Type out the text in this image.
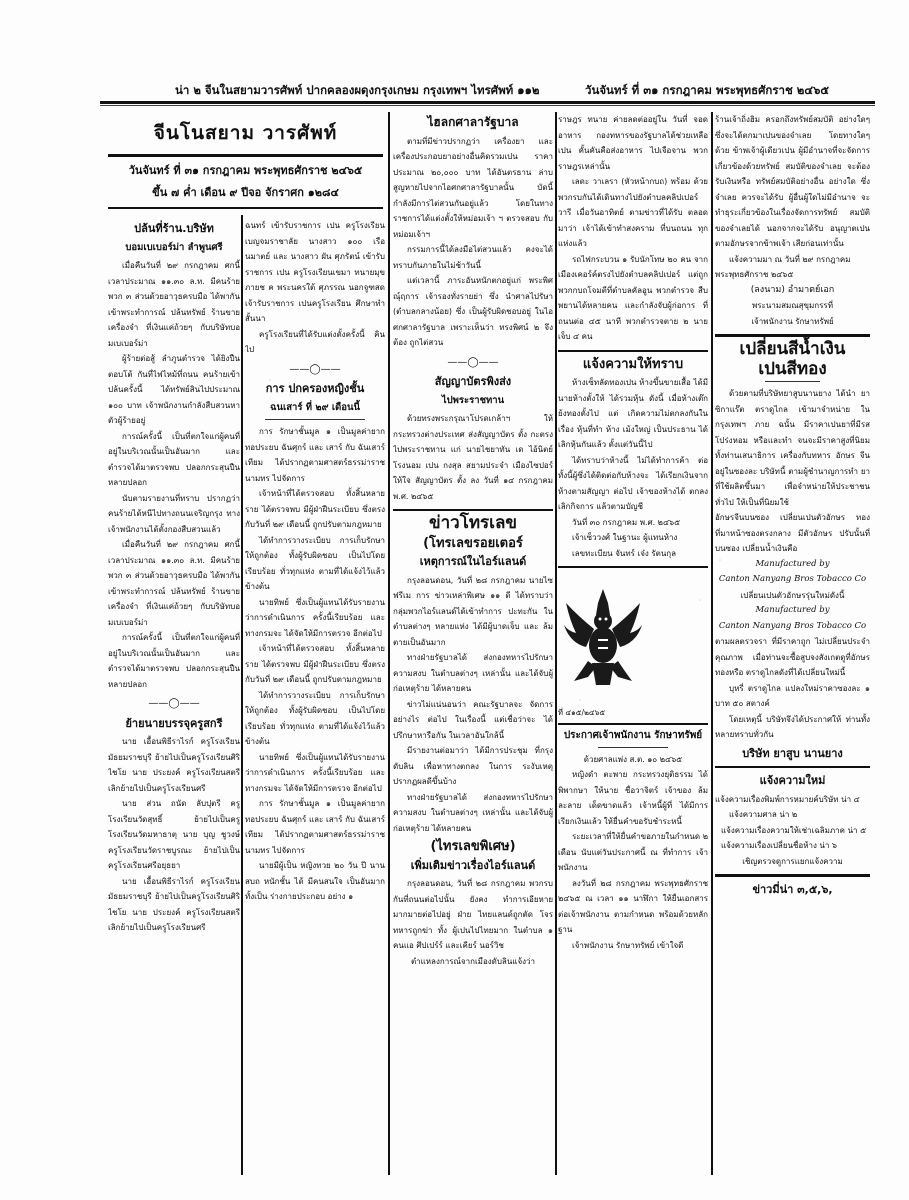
น่า ๒ จีนในสยามวารศัพท์ ปากคลองผดุงกรุงเกษม กรุงเทพฯ ไทรศัพท์ ๑๑๒	วันจันทร์ ที่ ๓๑ กรกฎาคม พระพุทธศักราช ๒๔๖๕
จีนโนสยาม วารศัพท์
วันจันทร์ ที่ ๓๑ กรกฎาคม พระพุทธศักราช ๒๔๖๕
ขึ้น ๗ ค่ำ เดือน ๙ ปีจอ จักราศก ๑๒๘๔
ปล้นที่ร้าน.บริษัท
บอมเบเบอร์ม่า ลำพูนศรี

เมื่อคืนวันที่ ๒๙ กรกฎาคม ศกนี้ เวลาประมาณ ๑๑.๓๐ ล.ท. มีคนร้ายพวก ๓ ส่วนด้วยอาวุธครบมือ ได้พากันเข้าพระทำการณ์ ปล้นทรัพย์ ร้านขายเครื่องจำ ที่เงินแค่ถ้วยๆ กับบริษัทบอมเบเบอร์ม่า

ผู้ร้ายต่อสู้ ลำภูนตำรวจ ได้ยิงปืนตอบโต้ กันที่ไฟไหม้ที่ถนน คนร้ายเข้าปล้นครั้งนี้ ได้ทรัพย์สินไปประมาณ ๑๐๐ บาท เจ้าพนักงานกำลังสืบสวนหาตัวผู้ร้ายอยู่

การณ์ครั้งนี้ เป็นที่ตกใจแก่ผู้คนที่อยู่ในบริเวณนั้นเป็นอันมาก และ ตำรวจได้มาตรวจพบ ปลอกกระสุนปืนหลายปลอก

นับตามรายงานที่ทราบ ปรากฏว่า คนร้ายได้หนีไปทางถนนเจริญกรุง ทางเจ้าพนักงานได้ตั้งกองสืบสวนแล้ว

เมื่อคืนวันที่ ๒๙ กรกฎาคม ศกนี้ เวลาประมาณ ๑๑.๓๐ ล.ท. มีคนร้ายพวก ๓ ส่วนด้วยอาวุธครบมือ ได้พากันเข้าพระทำการณ์ ปล้นทรัพย์ ร้านขายเครื่องจำ ที่เงินแค่ถ้วยๆ กับบริษัทบอมเบเบอร์ม่า

การณ์ครั้งนี้ เป็นที่ตกใจแก่ผู้คนที่อยู่ในบริเวณนั้นเป็นอันมาก และ ตำรวจได้มาตรวจพบ ปลอกกระสุนปืนหลายปลอก

——◯——
ย้ายนายบรรจุครูสกรี

นาย เอื้อนพิธีราไรก์ ครูโรงเรียนมัธยมราชบุรี ย้ายไปเป็นครูโรงเรียนศิริ ไชโย นาย ประยงค์ ครูโรงเรียนสตรี เลิกย้ายไปเป็นครูโรงเรียนศรี

นาย ส่วน ถนัด ลับปุตรี ครูโรงเรียนวัดสุทธิ์ ย้ายไปเป็นครูโรงเรียนวัดมหาธาตุ นาย บุญ ชูวงษ์ ครูโรงเรียนวัดราชบูรณะ ย้ายไปเป็นครูโรงเรียนศรีอยุธยา

นาย เอื้อนพิธีราไรก์ ครูโรงเรียนมัธยมราชบุรี ย้ายไปเป็นครูโรงเรียนศิริ ไชโย นาย ประยงค์ ครูโรงเรียนสตรี เลิกย้ายไปเป็นครูโรงเรียนศรี

ฉนทร์ เข้ารับราชการ เปน ครูโรงเรียน เบญจมราชาลัย นางสาว ๑๐๐ เรือนมาตย์ และ นางสาว ผัน ศุภรัตน์ เข้ารับราชการ เปน ครูโรงเรียนเขมา ทนายมุข ภายช ค พระนครใต้ ศุภรรณ นอกจูฑสด เจ้ารับราชการ เปนครูโรงเรียน ศึกษาทำสั้นนา

ครูโรงเรียนที่ได้รับแต่งตั้งครั้งนี้ คินไป

——◯——
การ ปกครองหญิงชั้น
ฉนเสาร์ ที่ ๒๙ เดือนนี้

การ รักษาชั้นมูล ๑ เป็นมูลค่ายาก ทอประยบ ฉันศุกร์ และ เสาร์ กับ ฉันเสาร์ เทียม ได้ปรากฏตามศาสตร์ธรรม่าราชนามทร ไปจัดการ

เจ้าหน้าที่ได้ตรวจสอบ ทั้งสิ้นหลายราย ได้ตรวจพบ มีผู้ฝ่าฝืนระเบียบ ซึ่งตรงกับวันที่ ๒๙ เดือนนี้ ถูกปรับตามกฎหมาย

ได้ทำการวางระเบียบ การเก็บรักษา ให้ถูกต้อง ทั้งผู้รับผิดชอบ เป็นไปโดยเรียบร้อย ทั่วทุกแห่ง ตามที่ได้แจ้งไว้แล้วข้างต้น

นายทิพย์ ซึ่งเป็นผู้แทนได้รับรายงาน ว่าการดำเนินการ ครั้งนี้เรียบร้อย และ ทางกรมจะ ได้จัดให้มีการตรวจ อีกต่อไป

เจ้าหน้าที่ได้ตรวจสอบ ทั้งสิ้นหลายราย ได้ตรวจพบ มีผู้ฝ่าฝืนระเบียบ ซึ่งตรงกับวันที่ ๒๙ เดือนนี้ ถูกปรับตามกฎหมาย

ได้ทำการวางระเบียบ การเก็บรักษา ให้ถูกต้อง ทั้งผู้รับผิดชอบ เป็นไปโดยเรียบร้อย ทั่วทุกแห่ง ตามที่ได้แจ้งไว้แล้วข้างต้น

นายทิพย์ ซึ่งเป็นผู้แทนได้รับรายงาน ว่าการดำเนินการ ครั้งนี้เรียบร้อย และ ทางกรมจะ ได้จัดให้มีการตรวจ อีกต่อไป

การ รักษาชั้นมูล ๑ เป็นมูลค่ายาก ทอประยบ ฉันศุกร์ และ เสาร์ กับ ฉันเสาร์ เทียม ได้ปรากฏตามศาสตร์ธรรม่าราชนามทร ไปจัดการ

นายมีผู้เป็น หญิงทวย ๒๐ วัน ปี นาน สบถ หนักชั้น ได้ มีคนสนใจ เป็นอันมาก ทั้งเป็น ร่างกายประกอบ อย่าง ๑

ไฮลกศาลารัฐบาล

ตามที่มีข่าวปรากฏว่า เครื่องยา และ เครื่องประกอบยาอย่างอื่นคิดรวมเปน ราคาประมาณ ๒๐,๐๐๐ บาท ได้อันตรธาน ล่าบสูญหายไปจากไอศกศาลารัฐบาลนั้น บัดนี้ กำลังมีการไต่สวนกันอยู่แล้ว โดยในทางราชการได้แต่งตั้งให้หม่อมเจ้า ฯ ตรวจสอบ กับ หม่อมเจ้าฯ

กรรมการนี้ได้ลงมือไต่สวนแล้ว คงจะได้ทราบกันภายในไม่ช้าวันนี้

แต่เวลานี้ ภาระอันหนักตกอยู่แก่ พระพิศณุ์ฤการ เจ้ารองทั่งรายย่า ซึ่ง นำศาลไปรัษา (ตำบลกลางน้อย) ซึ่ง เป็นผู้รับผิดชอบอยู่ ในไอศกศาลารัฐบาล เพราะเห็นว่า ทรงพิศน์ ๒ จึงต้อง ถูกไต่สวน

——◯——
สัญญาบัตรพิงส่ง
ไปพระราชทาน

ด้วยทรงพระกรุณาโปรดเกล้าฯ ให้ กระทรวงต่างประเทศ ส่งสัญญาบัตร ตั้ง กะตรงไปพระราชทาน แก่ นายไชยาทัน เด ไอ้นิตย์โรงนอม เปน กงสุล สยามประจำ เมืองไซปอร์ ให้ใจ สัญญาบัตร ตั้ง ลง วันที่ ๑๔ กรกฎาคม พ.ศ. ๒๔๖๕

ข่าวโทรเลข
(โทรเลขรอยเตอร์
เหตุการณ์ในไอร์แลนด์

กรุงลอนดอน, วันที่ ๒๘ กรกฎาคม นายไซฟรีเม การ ข่าวเหล่าพิเศษ ๑๑ ดี ได้ทราบว่า กลุ่มพวกไอร์แลนด์ได้เข้าทำการ ปะทะกัน ในตำบลต่างๆ หลายแห่ง ได้มีผู้บาดเจ็บ และ ล้มตายเป็นอันมาก

ทางฝ่ายรัฐบาลได้ ส่งกองทหารไปรักษาความสงบ ในตำบลต่างๆ เหล่านั้น และได้จับผู้ก่อเหตุร้าย ได้หลายคน

ข่าวไม่แน่นอนว่า คณะรัฐบาลจะ จัดการอย่างไร ต่อไป ในเรื่องนี้ แต่เชื่อว่าจะ ได้ปรึกษาหารือกัน ในเวลาอันใกล้นี้

มีรายงานต่อมาว่า ได้มีการประชุม ที่กรุงดับลิน เพื่อหาทางตกลง ในการ ระงับเหตุ ปรากฏผลดีขึ้นบ้าง

ทางฝ่ายรัฐบาลได้ ส่งกองทหารไปรักษาความสงบ ในตำบลต่างๆ เหล่านั้น และได้จับผู้ก่อเหตุร้าย ได้หลายคน

(ไทรเลขพิเศษ)
เพิ่มเติมข่าวเรื่องไอร์แลนด์

กรุงลอนดอน, วันที่ ๒๘ กรกฎาคม พวกรบกันที่ถนนต่อไปนั้น ยังคง ทำการเอียหายมากมายต่อไปอยู่ ฝ่าย ไทยแลนด์ถูกตัด โจรทหารถูกฆ่า ทั้ง ผู้เปนไปไทยมาก ในตำบล ๑ คนแอ ศึปเปร์ร์ และเคียร์ นอร์วิช

ตำแหลงการณ์จากเมืองดับลินแจ้งว่า

ราษฎร ทนาย ค่ายลดต่ออยู่ใน วันที่ จอด อาหาร กองทหารของรัฐบาลได้ช่วยเหลือ เปน คั้นคันคือส่งอาหาร ไปเจือจาน พวก ราษฎรเหล่านั้น

เลดะ วาเลรา (หัวหน้ากบถ) พร้อม ด้วยพวกรบกันได้เดินทางไปยังตำบลคลิปเปอร์ วารี เมื่อวันอาทิตย์ ตามข่าวที่ได้รับ ตลอดมาว่า เจ้าได้เข้าทำสงคราม ที่บนถนน ทุกแห่งแล้ว

รถไฟกระบวน ๑ รับนักโทษ ๒๐ คน จาก เมืองเคอร์ค์ตรงไปยังตำบลคลิปเปอร์ แต่ถูก พวกกบถโจมตีที่ตำบลคัลอูน พวกตำรวจ สืบพยานได้หลายคน และกำลังจับผู้ก่อการ ที่ถนนต่อ ๔๕ นาที พวกตำรวจตาย ๒ นาย เจ็บ ๔ คน

แจ้งความให้ทราบ

ห้างเซ็ทลัดทองเปน ห้างขึ้นขายเสื้อ ได้มีนายห้างตั้งให้ ได้รวมหุ้น ดังนี้ เมื่อห้างเต๊กย้งทองตั้งไป แต่ เกิดความไม่ตกลงกันในเรื่อง หุ้นที่ทำ ห้าง เม้งใหญ่ เป็นประธาน ได้เลิกหุ้นกันแล้ว ตั้งแต่วันนี้ไป

ได้ทราบว่าห้างนี้ ไม่ได้ทำการค้า ต่อ ทั้งนี้ผู้ซึ่งได้ติดต่อกับห้างจะ ได้เรียกเงินจาก ห้างตามสัญญา ต่อไป เจ้าของห้างได้ ตกลงเลิกกิจการ แล้วตามบัญชี

วันที่ ๓๐ กรกฎาคม พ.ศ. ๒๔๖๕

เจ้าเซ็ววงศ์ ในฐานะ ผู้แทนห้าง

เลขทะเบียน จันทร์ เจ๋ง รัตนกุล

ที่ ๔๑๕/๒๔๖๕
ประกาศเจ้าพนักงาน รักษาทรัพย์

ด้วยศาลแพ่ง ส.ต. ๑๐ ๒๔๖๕

หญิงดำ ตะพาย กระทรวงยุติธรรม ได้พิพากษา ให้นาย ชื่อวาจิตร์ เจ้าของ ล้มละลาย เด็ดขาดแล้ว เจ้าหนี้ผู้ที่ ได้มีการเรียกเงินแล้ว ให้ยื่นคำขอรับชำระหนี้

ระยะเวลาที่ให้ยื่นคำขอภายในกำหนด ๒ เดือน นับแต่วันประกาศนี้ ณ ที่ทำการ เจ้าพนักงาน

ลงวันที่ ๒๘ กรกฎาคม พระพุทธศักราช ๒๔๖๕ ณ เวลา ๑๑ นาฬิกา ให้ยื่นเอกสาร ต่อเจ้าพนักงาน ตามกำหนด พร้อมด้วยหลักฐาน

เจ้าพนักงาน รักษาทรัพย์ เข้าใจดี

ร้านเจ้าถิ่งฮิม ครอกถึงทรัพย์สมบัติ อย่างใดๆ ซึ่งจะได้ตกมาเปนของจำเลย โดยทางใดๆ ด้วย ข้าพเจ้าผู้เดียวเปน ผู้มีอำนาจที่จะจัดการ เกี่ยวข้องด้วยทรัพย์ สมบัติของจำเลย จะต้องรับเงินหรือ ทรัพย์สมบัติอย่างอื่น อย่างใด ซึ่งจำเลย ควรจะได้รับ ผู้อื่นผู้ใดไม่มีอำนาจ จะทำธุระเกี่ยวข้องในเรื่องจัดการทรัพย์ สมบัติของจำเลยได้ นอกจากจะได้รับ อนุญาตเปนตามอักษรจากข้าพเจ้า เสียก่อนเท่านั้น

แจ้งความมา ณ วันที่ ๒๙ กรกฎาคม

พระพุทธศักราช ๒๔๖๕

(ลงนาม) อำมาตย์เอก
พระนามสมณสุขุมกรรที่
เจ้าพนักงาน รักษาทรัพย์
เปลี่ยนสีน้ำเงิน
เปนสีทอง

ด้วยตามที่บริษัทยาสูบนานยาง ได้นำ ยาซิกาแร๊ต ตราดูไกล เข้ามาจำหน่าย ในกรุงเทพฯ ภาย ฉนั้น มีราคาเปนยาที่มีรส โปร่งหอม หรือและทำ จนจะมีราคาสูงที่นิยม ทั้งท่านเสนาธิการ เครื่องกับทหาร อักษร จีนอยู่ในซองละ บริษัทนี้ ตามผู้ชำนาญการทำ ยาที่ใช้ผลิตขึ้นมา เพื่อจำหน่ายให้ประชาชนทั่วไป ให้เป็นที่นิยมใช้

อักษรจีนบนซอง เปลี่ยนเปนตัวอักษร ทอง ที่มาหน้าซองตรงกลาง มีตัวอักษร ปรับนั้นที่บนซอง เปลี่ยนน้ำเงินคือ

Manufactured by
Canton Nanyang Bros Tobacco Co
เปลี่ยนเปนตัวอักษรรุ่นใหม่ดังนี้
Manufactured by
Canton Nanyang Bros Tobacco Co

ตามผลตรวจรา ที่มีราคาถูก ไม่เปลี่ยนประจำคุณภาพ เมื่อท่านจะซื้อสูบจงสังเกตดูที่อักษร ทองหรือ ตราดูไกลดังที่ได้เปลี่ยนใหม่นี้

บุหรี่ ตราดูไกล แปลงใหม่ราคาซองละ ๑ บาท ๕๐ สตางค์

โดยเหตุนี้ บริษัทจึงได้ประกาศให้ ท่านทั้งหลายทราบทั่วกัน

บริษัท ยาสูบ นานยาง
แจ้งความใหม่
แจ้งความเรื่องพิมพ์การหมายค์บริษัท น่า ๔
แจ้งความศาล น่า ๒
แจ้งความเรื่องความให้เช่าเฉลิมภาค น่า ๕
แจ้งความเรื่องเปลี่ยนชื่อห้าง น่า ๖
เชิญตรวจดูการแยกแจ้งความ
ข่าวมี่น่า ๓,๕,๖,
